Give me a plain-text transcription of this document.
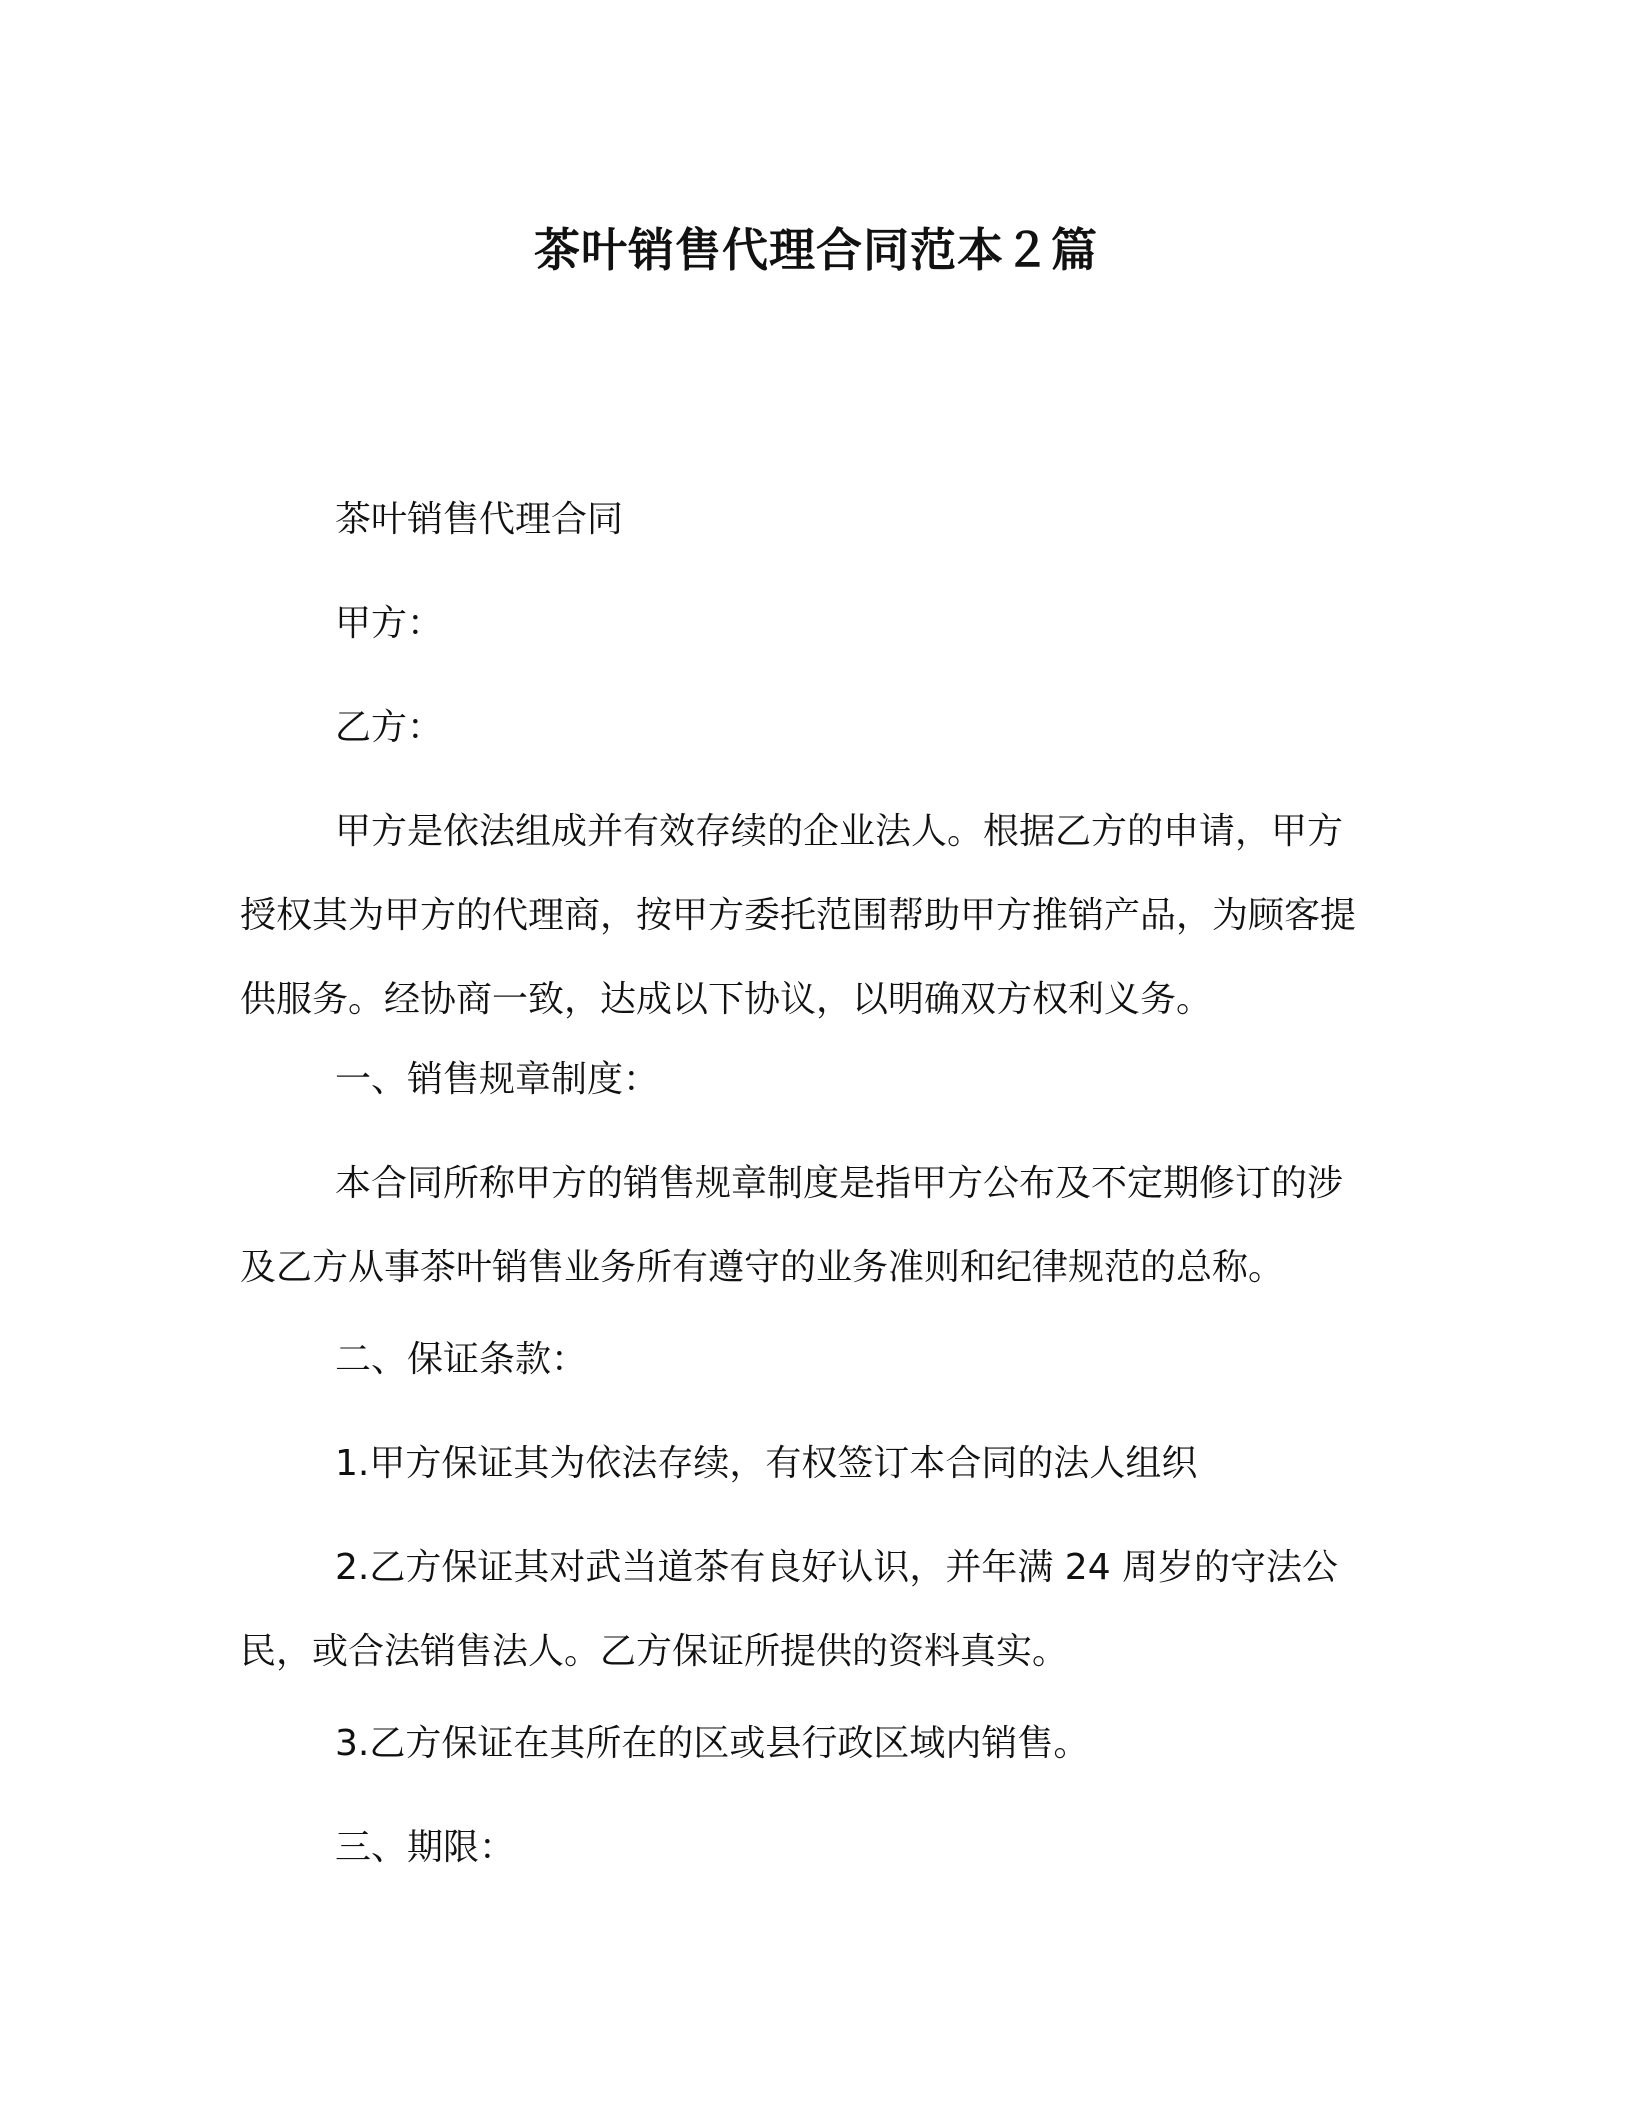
茶叶销售代理合同范本２篇

茶叶销售代理合同

甲方：

乙方：

甲方是依法组成并有效存续的企业法人。根据乙方的申请，甲方授权其为甲方的代理商，按甲方委托范围帮助甲方推销产品，为顾客提供服务。经协商一致，达成以下协议，以明确双方权利义务。

一、销售规章制度：

本合同所称甲方的销售规章制度是指甲方公布及不定期修订的涉及乙方从事茶叶销售业务所有遵守的业务准则和纪律规范的总称。

二、保证条款：

1.甲方保证其为依法存续，有权签订本合同的法人组织

2.乙方保证其对武当道茶有良好认识，并年满 24 周岁的守法公民，或合法销售法人。乙方保证所提供的资料真实。

3.乙方保证在其所在的区或县行政区域内销售。

三、期限：
